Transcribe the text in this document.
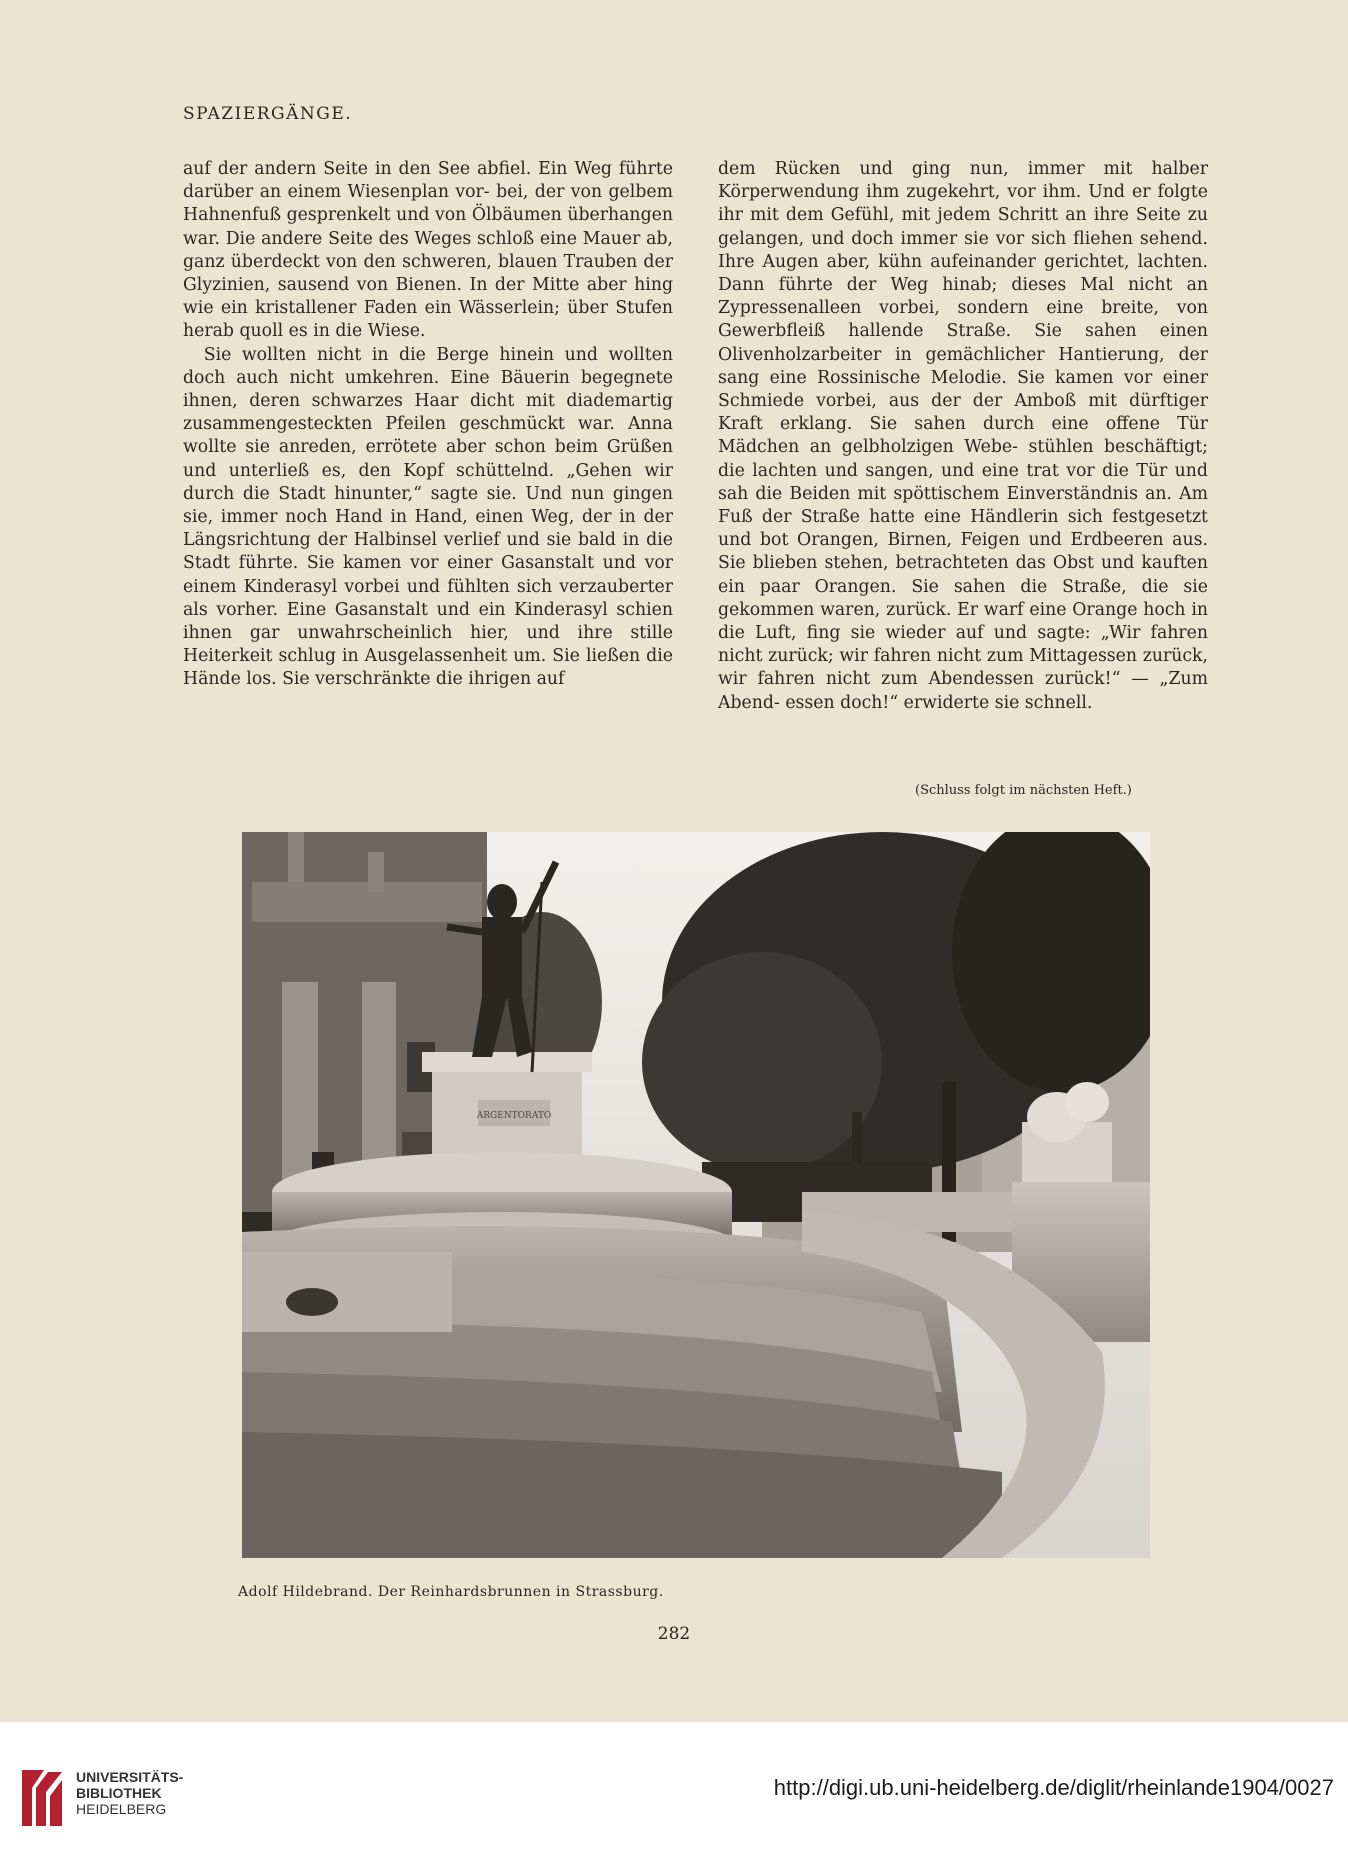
SPAZIERGÄNGE.

auf der andern Seite in den See abfiel. Ein Weg führte darüber an einem Wiesenplan vor- bei, der von gelbem Hahnenfuß gesprenkelt und von Ölbäumen überhangen war. Die andere Seite des Weges schloß eine Mauer ab, ganz überdeckt von den schweren, blauen Trauben der Glyzinien, sausend von Bienen. In der Mitte aber hing wie ein kristallener Faden ein Wässerlein; über Stufen herab quoll es in die Wiese.

Sie wollten nicht in die Berge hinein und wollten doch auch nicht umkehren. Eine Bäuerin begegnete ihnen, deren schwarzes Haar dicht mit diademartig zusammengesteckten Pfeilen geschmückt war. Anna wollte sie anreden, errötete aber schon beim Grüßen und unterließ es, den Kopf schüttelnd. „Gehen wir durch die Stadt hinunter,“ sagte sie. Und nun gingen sie, immer noch Hand in Hand, einen Weg, der in der Längsrichtung der Halbinsel verlief und sie bald in die Stadt führte. Sie kamen vor einer Gasanstalt und vor einem Kinderasyl vorbei und fühlten sich verzauberter als vorher. Eine Gasanstalt und ein Kinderasyl schien ihnen gar unwahrscheinlich hier, und ihre stille Heiterkeit schlug in Ausgelassenheit um. Sie ließen die Hände los. Sie verschränkte die ihrigen auf

dem Rücken und ging nun, immer mit halber Körperwendung ihm zugekehrt, vor ihm. Und er folgte ihr mit dem Gefühl, mit jedem Schritt an ihre Seite zu gelangen, und doch immer sie vor sich fliehen sehend. Ihre Augen aber, kühn aufeinander gerichtet, lachten. Dann führte der Weg hinab; dieses Mal nicht an Zypressenalleen vorbei, sondern eine breite, von Gewerbfleiß hallende Straße. Sie sahen einen Olivenholzarbeiter in gemächlicher Hantierung, der sang eine Rossinische Melodie. Sie kamen vor einer Schmiede vorbei, aus der der Amboß mit dürftiger Kraft erklang. Sie sahen durch eine offene Tür Mädchen an gelbholzigen Webe- stühlen beschäftigt; die lachten und sangen, und eine trat vor die Tür und sah die Beiden mit spöttischem Einverständnis an. Am Fuß der Straße hatte eine Händlerin sich festgesetzt und bot Orangen, Birnen, Feigen und Erdbeeren aus. Sie blieben stehen, betrachteten das Obst und kauften ein paar Orangen. Sie sahen die Straße, die sie gekommen waren, zurück. Er warf eine Orange hoch in die Luft, fing sie wieder auf und sagte: „Wir fahren nicht zurück; wir fahren nicht zum Mittagessen zurück, wir fahren nicht zum Abendessen zurück!“ — „Zum Abend- essen doch!“ erwiderte sie schnell.

(Schluss folgt im nächsten Heft.)
ARGENTORATO
Adolf Hildebrand. Der Reinhardsbrunnen in Strassburg.
282
UNIVERSITÄTS-
BIBLIOTHEK
HEIDELBERG
http://digi.ub.uni-heidelberg.de/diglit/rheinlande1904/0027
